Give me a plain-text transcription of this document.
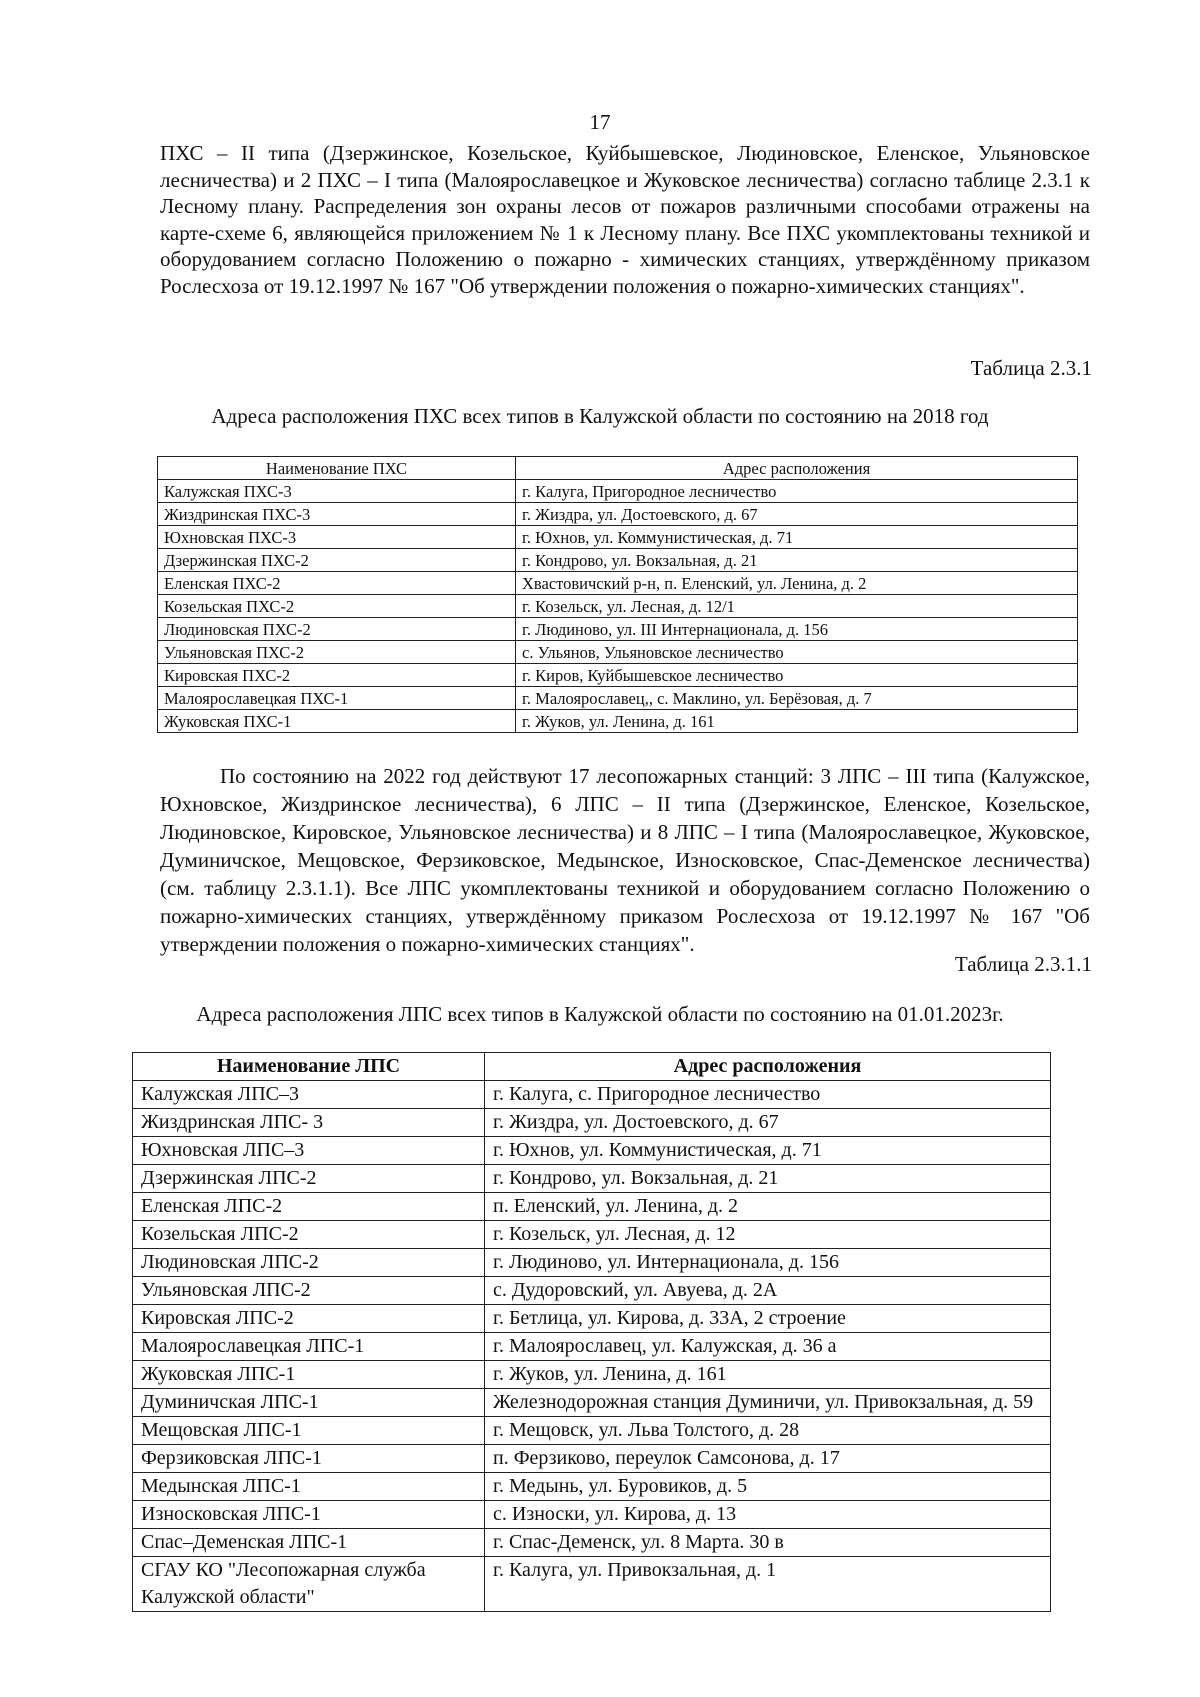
17
ПХС – II типа (Дзержинское, Козельское, Куйбышевское, Людиновское, Еленское, Ульяновское лесничества) и 2 ПХС – I типа (Малоярославецкое и Жуковское лесничества) согласно таблице 2.3.1 к Лесному плану. Распределения зон охраны лесов от пожаров различными способами отражены на карте-схеме 6, являющейся приложением № 1 к Лесному плану. Все ПХС укомплектованы техникой и оборудованием согласно Положению о пожарно - химических станциях, утверждённому приказом Рослесхоза от 19.12.1997 № 167 "Об утверждении положения о пожарно-химических станциях".
Таблица 2.3.1
Адреса расположения ПХС всех типов в Калужской области по состоянию на 2018 год
Наименование ПХС	Адрес расположения
Калужская ПХС-3	г. Калуга, Пригородное лесничество
Жиздринская ПХС-3	г. Жиздра, ул. Достоевского, д. 67
Юхновская ПХС-3	г. Юхнов, ул. Коммунистическая, д. 71
Дзержинская ПХС-2	г. Кондрово, ул. Вокзальная, д. 21
Еленская ПХС-2	Хвастовичский р-н, п. Еленский, ул. Ленина, д. 2
Козельская ПХС-2	г. Козельск, ул. Лесная, д. 12/1
Людиновская ПХС-2	г. Людиново, ул. III Интернационала, д. 156
Ульяновская ПХС-2	с. Ульянов, Ульяновское лесничество
Кировская ПХС-2	г. Киров, Куйбышевское лесничество
Малоярославецкая ПХС-1	г. Малоярославец,, с. Маклино, ул. Берёзовая, д. 7
Жуковская ПХС-1	г. Жуков, ул. Ленина, д. 161
По состоянию на 2022 год действуют 17 лесопожарных станций: 3 ЛПС – III типа (Калужское, Юхновское, Жиздринское лесничества), 6 ЛПС – II типа (Дзержинское, Еленское, Козельское, Людиновское, Кировское, Ульяновское лесничества) и 8 ЛПС – I типа (Малоярославецкое, Жуковское, Думиничское, Мещовское, Ферзиковское, Медынское, Износковское, Спас-Деменское лесничества) (см. таблицу 2.3.1.1). Все ЛПС укомплектованы техникой и оборудованием согласно Положению о пожарно-химических станциях, утверждённому приказом Рослесхоза от 19.12.1997 № 167 "Об утверждении положения о пожарно-химических станциях".
Таблица 2.3.1.1
Адреса расположения ЛПС всех типов в Калужской области по состоянию на 01.01.2023г.
Наименование ЛПС	Адрес расположения
Калужская ЛПС–3	г. Калуга, с. Пригородное лесничество
Жиздринская ЛПС- 3	г. Жиздра, ул. Достоевского, д. 67
Юхновская ЛПС–3	г. Юхнов, ул. Коммунистическая, д. 71
Дзержинская ЛПС-2	г. Кондрово, ул. Вокзальная, д. 21
Еленская ЛПС-2	п. Еленский, ул. Ленина, д. 2
Козельская ЛПС-2	г. Козельск, ул. Лесная, д. 12
Людиновская ЛПС-2	г. Людиново, ул. Интернационала, д. 156
Ульяновская ЛПС-2	с. Дудоровский, ул. Авуева, д. 2А
Кировская ЛПС-2	г. Бетлица, ул. Кирова, д. 33А, 2 строение
Малоярославецкая ЛПС-1	г. Малоярославец, ул. Калужская, д. 36 а
Жуковская ЛПС-1	г. Жуков, ул. Ленина, д. 161
Думиничская ЛПС-1	Железнодорожная станция Думиничи, ул. Привокзальная, д. 59
Мещовская ЛПС-1	г. Мещовск, ул. Льва Толстого, д. 28
Ферзиковская ЛПС-1	п. Ферзиково, переулок Самсонова, д. 17
Медынская ЛПС-1	г. Медынь, ул. Буровиков, д. 5
Износковская ЛПС-1	с. Износки, ул. Кирова, д. 13
Спас–Деменская ЛПС-1	г. Спас-Деменск, ул. 8 Марта. 30 в
СГАУ КО "Лесопожарная служба Калужской области"	г. Калуга, ул. Привокзальная, д. 1
